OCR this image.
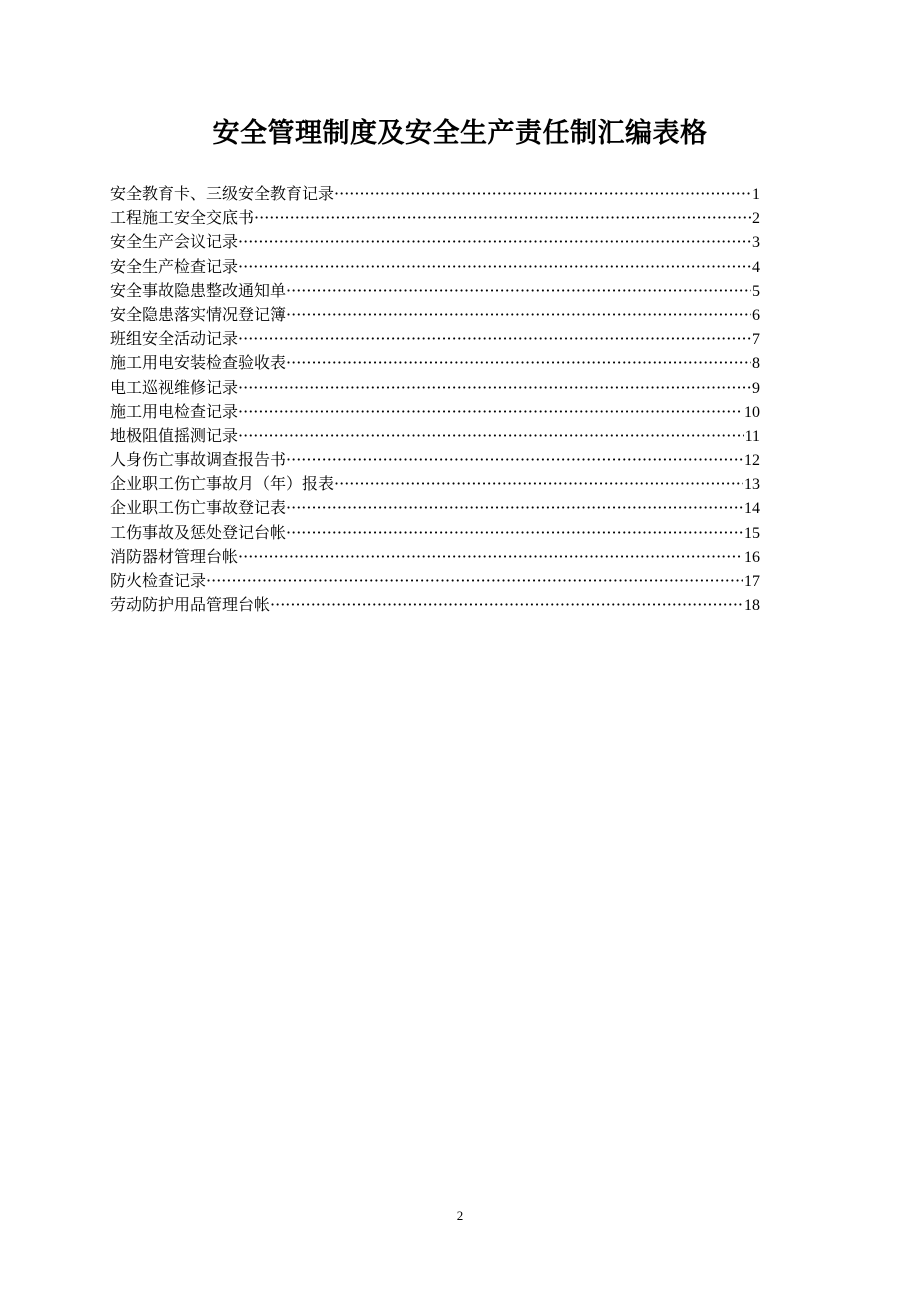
安全管理制度及安全生产责任制汇编表格
安全教育卡、三级安全教育记录 ·····	1
工程施工安全交底书 ·····	2
安全生产会议记录 ·····	3
安全生产检查记录 ·····	4
安全事故隐患整改通知单 ·····	5
安全隐患落实情况登记簿 ·····	6
班组安全活动记录 ·····	7
施工用电安装检查验收表 ·····	8
电工巡视维修记录 ·····	9
施工用电检查记录 ·····	10
地极阻值摇测记录 ·····	11
人身伤亡事故调查报告书 ·····	12
企业职工伤亡事故月（年）报表 ·····	13
企业职工伤亡事故登记表 ·····	14
工伤事故及惩处登记台帐 ·····	15
消防器材管理台帐 ·····	16
防火检查记录 ·····	17
劳动防护用品管理台帐 ·····	18
2
